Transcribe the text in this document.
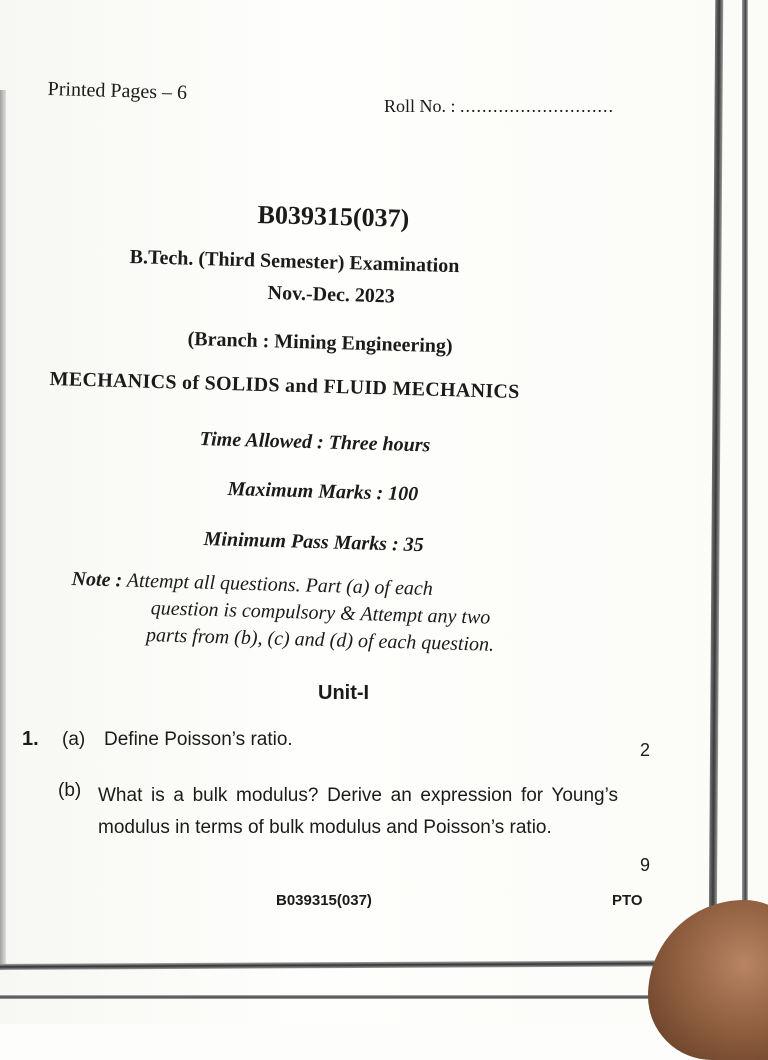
Printed Pages – 6
Roll No. : ............................
B039315(037)
B.Tech. (Third Semester) Examination
Nov.-Dec. 2023
(Branch : Mining Engineering)
MECHANICS of SOLIDS and FLUID MECHANICS
Time Allowed : Three hours
Maximum Marks : 100
Minimum Pass Marks : 35
Note : Attempt all questions. Part (a) of each
question is compulsory & Attempt any two
parts from (b), (c) and (d) of each question.
Unit-I
1. (a) Define Poisson’s ratio.	2
(b) What is a bulk modulus? Derive an expression for Young’s modulus in terms of bulk modulus and Poisson’s ratio.
9
B039315(037)	PTO
